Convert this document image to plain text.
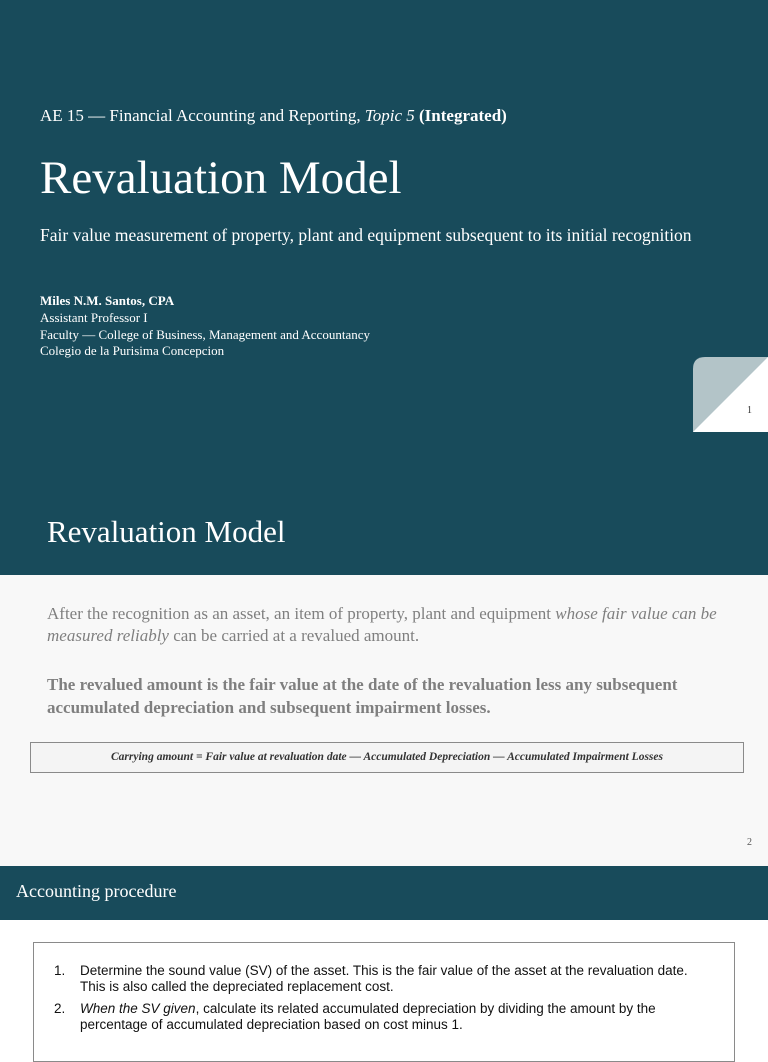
AE 15 — Financial Accounting and Reporting, Topic 5 (Integrated)
Revaluation Model
Fair value measurement of property, plant and equipment subsequent to its initial recognition
Miles N.M. Santos, CPA
Assistant Professor I
Faculty — College of Business, Management and Accountancy
Colegio de la Purisima Concepcion
1
Revaluation Model
After the recognition as an asset, an item of property, plant and equipment whose fair value can be measured reliably can be carried at a revalued amount.
The revalued amount is the fair value at the date of the revaluation less any subsequent accumulated depreciation and subsequent impairment losses.
Carrying amount = Fair value at revaluation date — Accumulated Depreciation — Accumulated Impairment Losses
2
Accounting procedure
1. Determine the sound value (SV) of the asset. This is the fair value of the asset at the revaluation date. This is also called the depreciated replacement cost.
2. When the SV given, calculate its related accumulated depreciation by dividing the amount by the percentage of accumulated depreciation based on cost minus 1.
